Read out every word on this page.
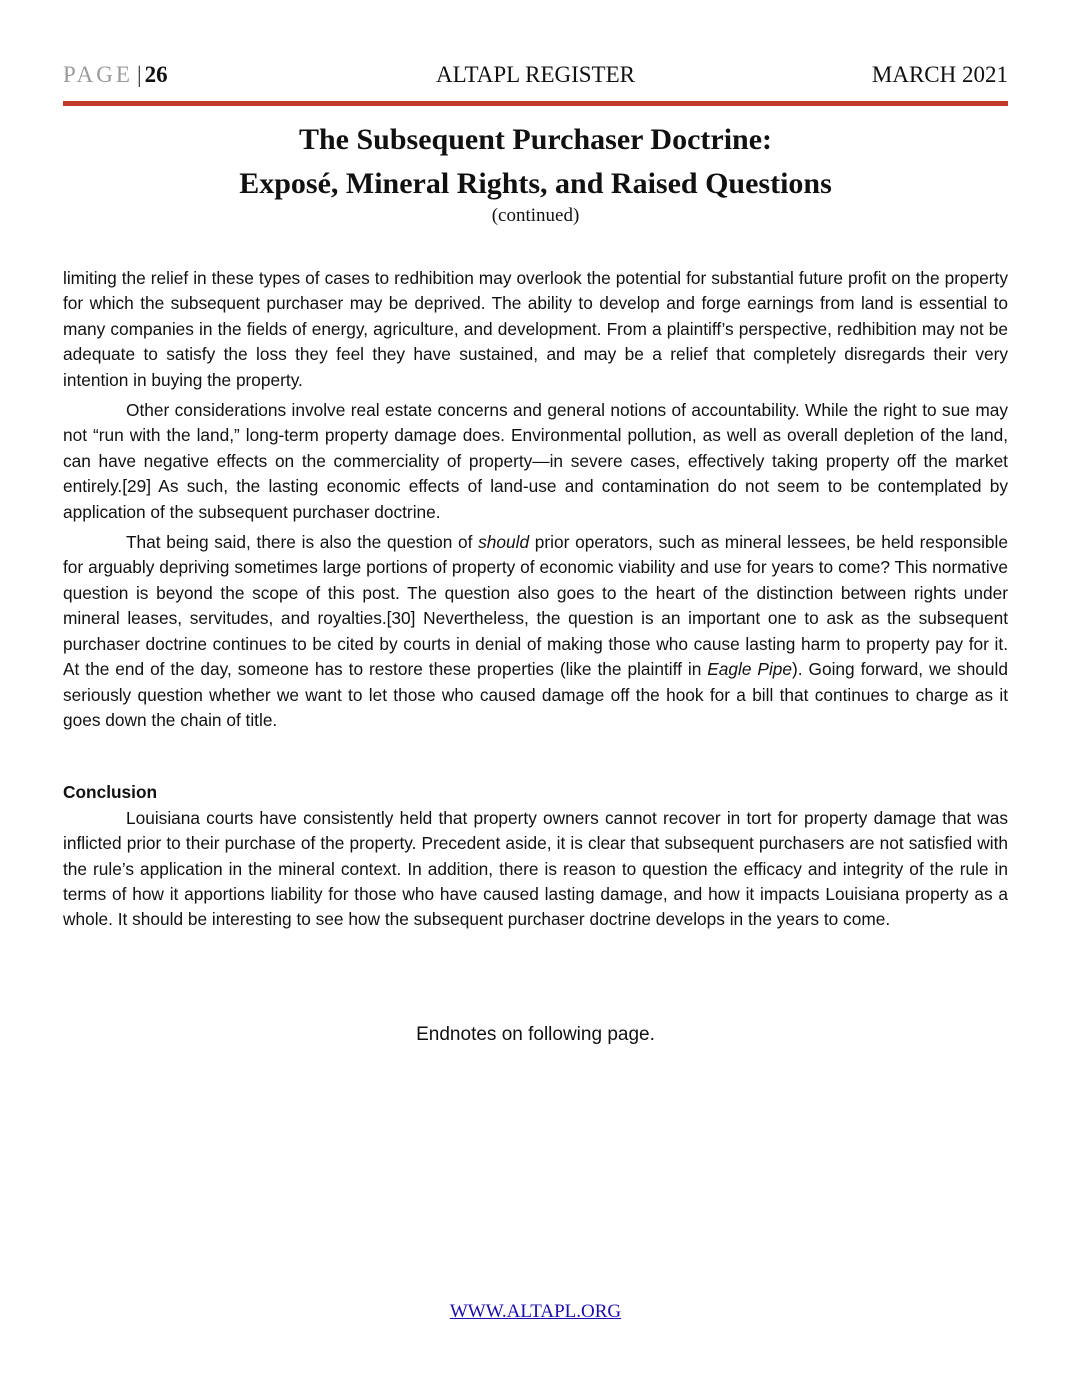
PAGE | 26	ALTAPL REGISTER	MARCH 2021
The Subsequent Purchaser Doctrine:
Exposé, Mineral Rights, and Raised Questions
(continued)

limiting the relief in these types of cases to redhibition may overlook the potential for substantial future profit on the property for which the subsequent purchaser may be deprived. The ability to develop and forge earnings from land is essential to many companies in the fields of energy, agriculture, and development. From a plaintiff’s perspective, redhibition may not be adequate to satisfy the loss they feel they have sustained, and may be a relief that completely disregards their very intention in buying the property.

Other considerations involve real estate concerns and general notions of accountability. While the right to sue may not “run with the land,” long-term property damage does. Environmental pollution, as well as overall depletion of the land, can have negative effects on the commerciality of property—in severe cases, effectively taking property off the market entirely.[29] As such, the lasting economic effects of land-use and contamination do not seem to be contemplated by application of the subsequent purchaser doctrine.

That being said, there is also the question of should prior operators, such as mineral lessees, be held responsible for arguably depriving sometimes large portions of property of economic viability and use for years to come? This normative question is beyond the scope of this post. The question also goes to the heart of the distinction between rights under mineral leases, servitudes, and royalties.[30] Nevertheless, the question is an important one to ask as the subsequent purchaser doctrine continues to be cited by courts in denial of making those who cause lasting harm to property pay for it. At the end of the day, someone has to restore these properties (like the plaintiff in Eagle Pipe). Going forward, we should seriously question whether we want to let those who caused damage off the hook for a bill that continues to charge as it goes down the chain of title.

Conclusion

Louisiana courts have consistently held that property owners cannot recover in tort for property damage that was inflicted prior to their purchase of the property. Precedent aside, it is clear that subsequent purchasers are not satisfied with the rule’s application in the mineral context. In addition, there is reason to question the efficacy and integrity of the rule in terms of how it apportions liability for those who have caused lasting damage, and how it impacts Louisiana property as a whole. It should be interesting to see how the subsequent purchaser doctrine develops in the years to come.

Endnotes on following page.
WWW.ALTAPL.ORG
